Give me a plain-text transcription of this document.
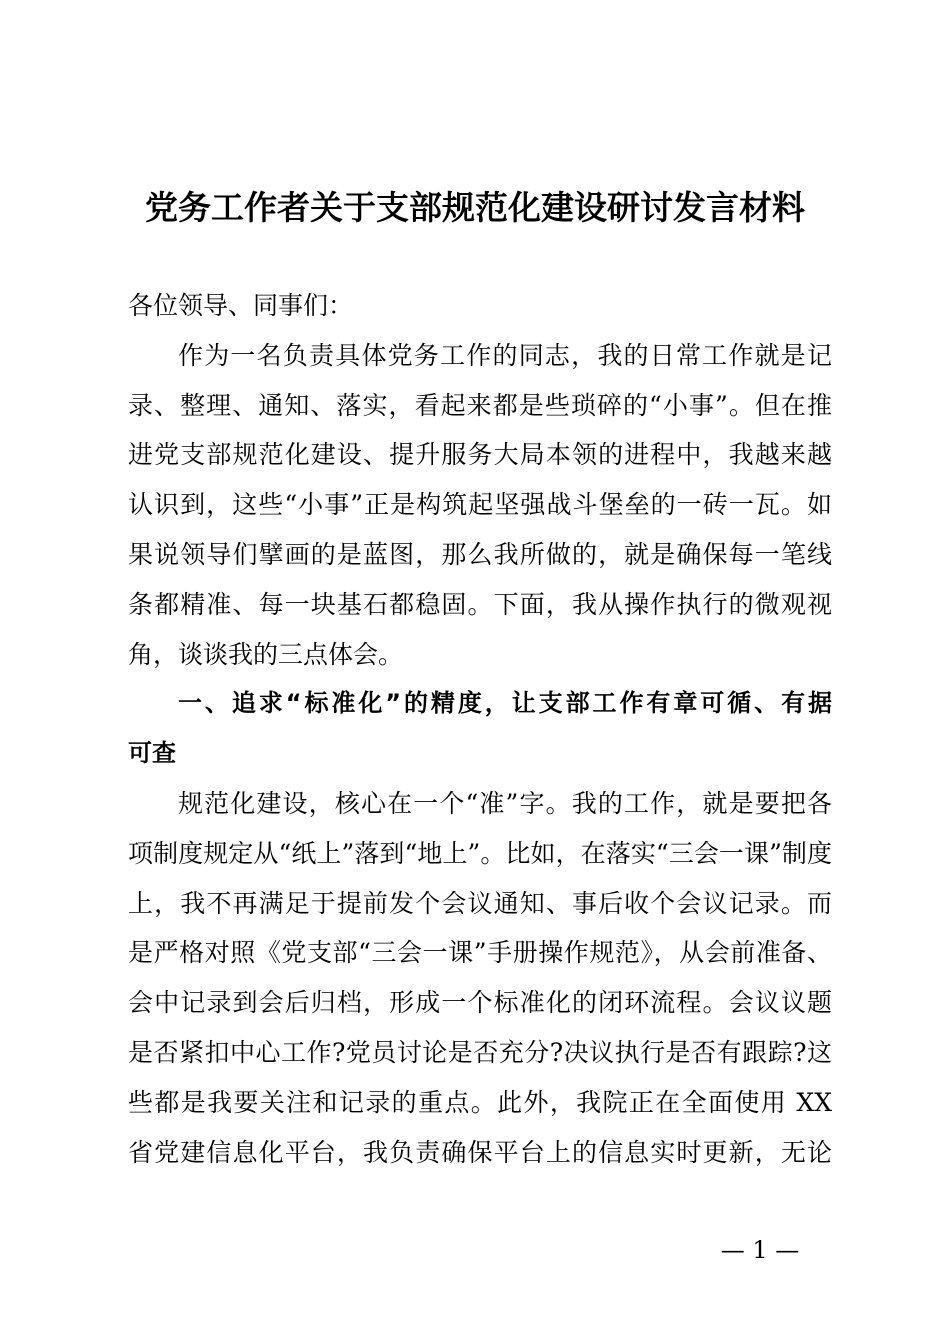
党务工作者关于支部规范化建设研讨发言材料
各位领导、同事们：
作为一名负责具体党务工作的同志，我的日常工作就是记
录、整理、通知、落实，看起来都是些琐碎的“小事”。但在推
进党支部规范化建设、提升服务大局本领的进程中，我越来越
认识到，这些“小事”正是构筑起坚强战斗堡垒的一砖一瓦。如
果说领导们擘画的是蓝图，那么我所做的，就是确保每一笔线
条都精准、每一块基石都稳固。下面，我从操作执行的微观视
角，谈谈我的三点体会。
一、追求“标准化”的精度，让支部工作有章可循、有据
可查
规范化建设，核心在一个“准”字。我的工作，就是要把各
项制度规定从“纸上”落到“地上”。比如，在落实“三会一课”制度
上，我不再满足于提前发个会议通知、事后收个会议记录。而
是严格对照《党支部“三会一课”手册操作规范》，从会前准备、
会中记录到会后归档，形成一个标准化的闭环流程。会议议题
是否紧扣中心工作?党员讨论是否充分?决议执行是否有跟踪?这
些都是我要关注和记录的重点。此外，我院正在全面使用 XX
省党建信息化平台，我负责确保平台上的信息实时更新，无论
— 1 —
